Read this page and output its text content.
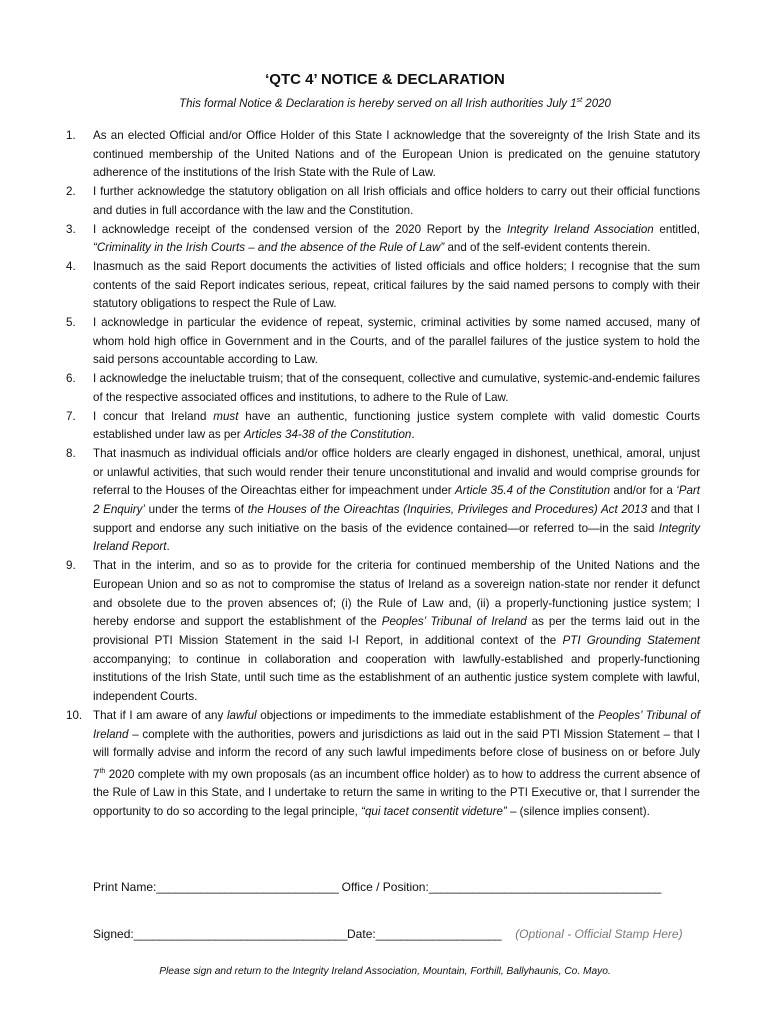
‘QTC 4’ NOTICE & DECLARATION
This formal Notice & Declaration is hereby served on all Irish authorities July 1st 2020
1. As an elected Official and/or Office Holder of this State I acknowledge that the sovereignty of the Irish State and its continued membership of the United Nations and of the European Union is predicated on the genuine statutory adherence of the institutions of the Irish State with the Rule of Law.
2. I further acknowledge the statutory obligation on all Irish officials and office holders to carry out their official functions and duties in full accordance with the law and the Constitution.
3. I acknowledge receipt of the condensed version of the 2020 Report by the Integrity Ireland Association entitled, “Criminality in the Irish Courts – and the absence of the Rule of Law” and of the self-evident contents therein.
4. Inasmuch as the said Report documents the activities of listed officials and office holders; I recognise that the sum contents of the said Report indicates serious, repeat, critical failures by the said named persons to comply with their statutory obligations to respect the Rule of Law.
5. I acknowledge in particular the evidence of repeat, systemic, criminal activities by some named accused, many of whom hold high office in Government and in the Courts, and of the parallel failures of the justice system to hold the said persons accountable according to Law.
6. I acknowledge the ineluctable truism; that of the consequent, collective and cumulative, systemic-and-endemic failures of the respective associated offices and institutions, to adhere to the Rule of Law.
7. I concur that Ireland must have an authentic, functioning justice system complete with valid domestic Courts established under law as per Articles 34-38 of the Constitution.
8. That inasmuch as individual officials and/or office holders are clearly engaged in dishonest, unethical, amoral, unjust or unlawful activities, that such would render their tenure unconstitutional and invalid and would comprise grounds for referral to the Houses of the Oireachtas either for impeachment under Article 35.4 of the Constitution and/or for a ‘Part 2 Enquiry’ under the terms of the Houses of the Oireachtas (Inquiries, Privileges and Procedures) Act 2013 and that I support and endorse any such initiative on the basis of the evidence contained—or referred to—in the said Integrity Ireland Report.
9. That in the interim, and so as to provide for the criteria for continued membership of the United Nations and the European Union and so as not to compromise the status of Ireland as a sovereign nation-state nor render it defunct and obsolete due to the proven absences of; (i) the Rule of Law and, (ii) a properly-functioning justice system; I hereby endorse and support the establishment of the Peoples’ Tribunal of Ireland as per the terms laid out in the provisional PTI Mission Statement in the said I-I Report, in additional context of the PTI Grounding Statement accompanying; to continue in collaboration and cooperation with lawfully-established and properly-functioning institutions of the Irish State, until such time as the establishment of an authentic justice system complete with lawful, independent Courts.
10. That if I am aware of any lawful objections or impediments to the immediate establishment of the Peoples’ Tribunal of Ireland – complete with the authorities, powers and jurisdictions as laid out in the said PTI Mission Statement – that I will formally advise and inform the record of any such lawful impediments before close of business on or before July 7th 2020 complete with my own proposals (as an incumbent office holder) as to how to address the current absence of the Rule of Law in this State, and I undertake to return the same in writing to the PTI Executive or, that I surrender the opportunity to do so according to the legal principle, “qui tacet consentit videture” – (silence implies consent).
Print Name:_____________________________ Office / Position:_____________________________________
Signed:__________________________________Date:____________________ (Optional - Official Stamp Here)
Please sign and return to the Integrity Ireland Association, Mountain, Forthill, Ballyhaunis, Co. Mayo.
